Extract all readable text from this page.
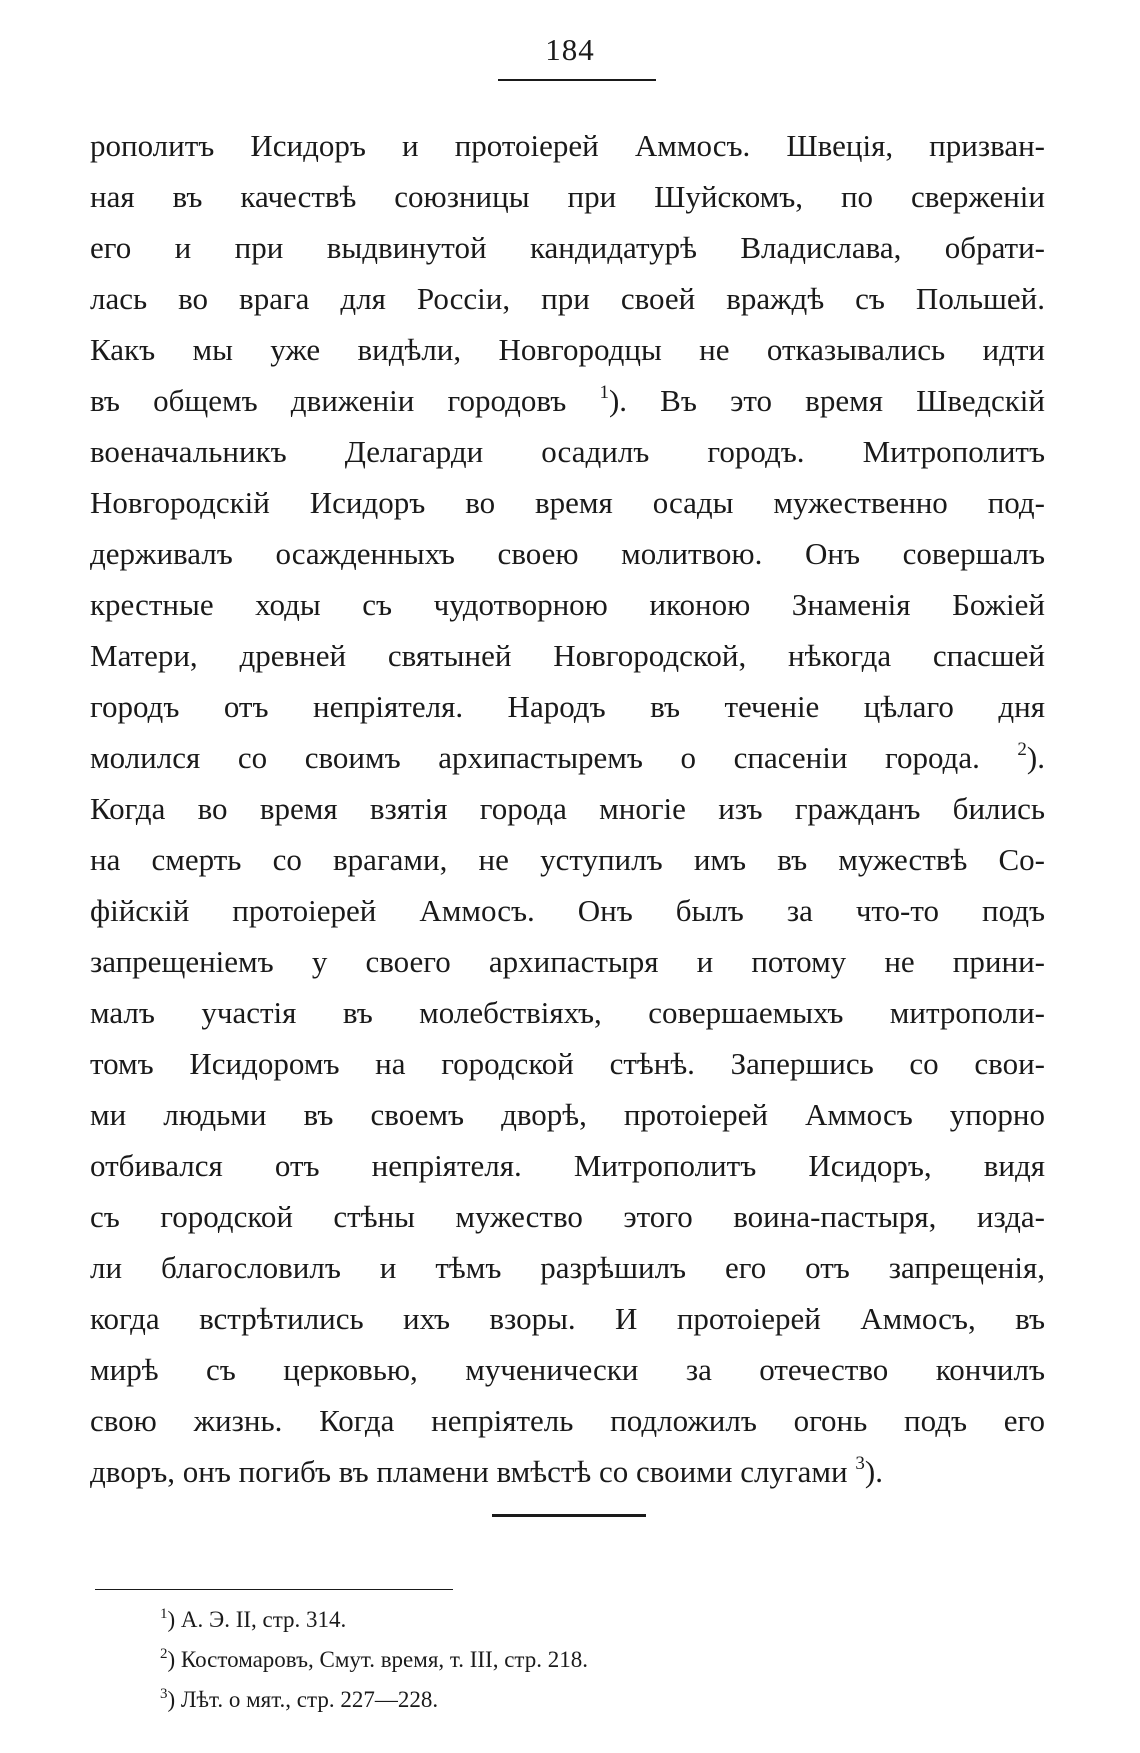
184
рополитъ Исидоръ и протоіерей Аммосъ. Швеція, призван-
ная въ качествѣ союзницы при Шуйскомъ, по сверженіи
его и при выдвинутой кандидатурѣ Владислава, обрати-
лась во врага для Россіи, при своей враждѣ съ Польшей.
Какъ мы уже видѣли, Новгородцы не отказывались идти
въ общемъ движеніи городовъ $^1$). Въ это время Шведскій
военачальникъ Делагарди осадилъ городъ. Митрополитъ
Новгородскій Исидоръ во время осады мужественно под-
держивалъ осажденныхъ своею молитвою. Онъ совершалъ
крестные ходы съ чудотворною иконою Знаменія Божіей
Матери, древней святыней Новгородской, нѣкогда спасшей
городъ отъ непріятеля. Народъ въ теченіе цѣлаго дня
молился со своимъ архипастыремъ о спасеніи города. $^2$).
Когда во время взятія города многіе изъ гражданъ бились
на смерть со врагами, не уступилъ имъ въ мужествѣ Со-
фійскій протоіерей Аммосъ. Онъ былъ за что-то подъ
запрещеніемъ у своего архипастыря и потому не прини-
малъ участія въ молебствіяхъ, совершаемыхъ митрополи-
томъ Исидоромъ на городской стѣнѣ. Запершись со свои-
ми людьми въ своемъ дворѣ, протоіерей Аммосъ упорно
отбивался отъ непріятеля. Митрополитъ Исидоръ, видя
съ городской стѣны мужество этого воина-пастыря, изда-
ли благословилъ и тѣмъ разрѣшилъ его отъ запрещенія,
когда встрѣтились ихъ взоры. И протоіерей Аммосъ, въ
мирѣ съ церковью, мученически за отечество кончилъ
свою жизнь. Когда непріятель подложилъ огонь подъ его
дворъ, онъ погибъ въ пламени вмѣстѣ со своими слугами $^3$).
$^1$) А. Э. II, стр. 314.
$^2$) Костомаровъ, Смут. время, т. III, стр. 218.
$^3$) Лѣт. о мят., стр. 227—228.
